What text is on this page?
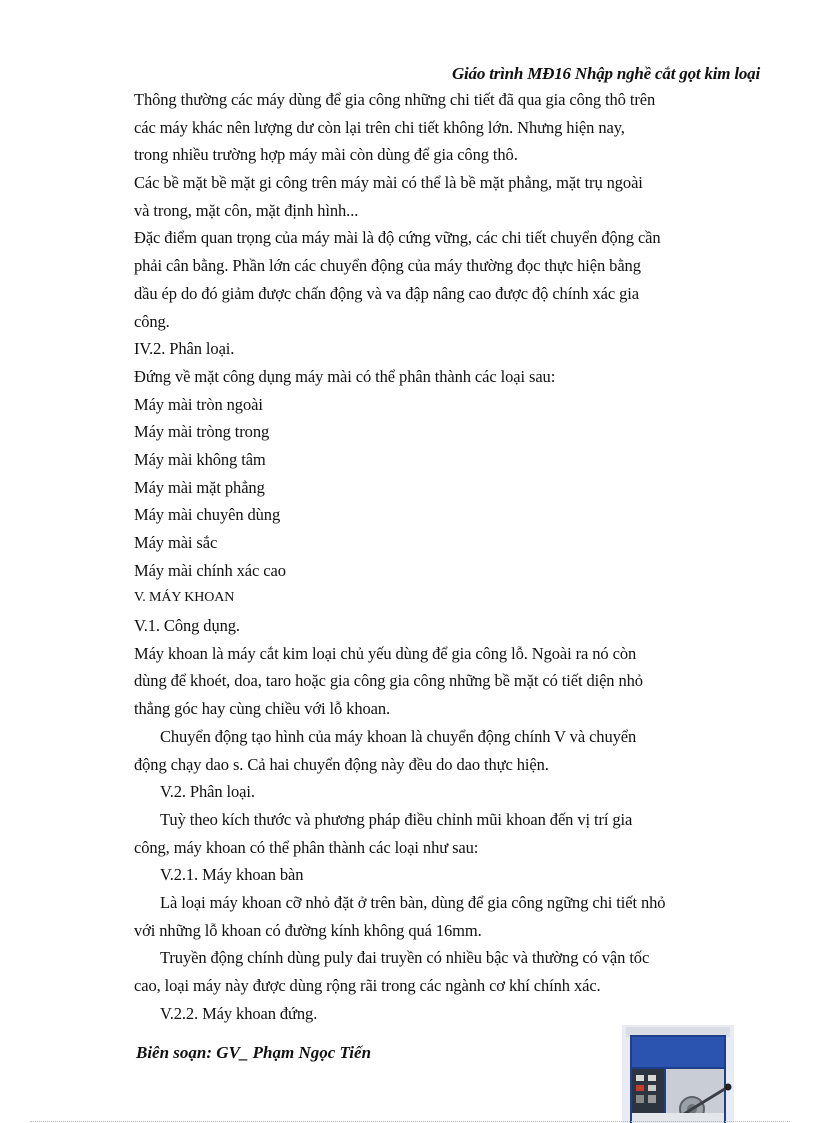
Giáo trình MĐ16 Nhập nghề cắt gọt kim loại
Thông thường các máy dùng để gia công những chi tiết đã qua gia công thô trên
các máy khác nên lượng dư còn lại trên chi tiết không lớn. Nhưng hiện nay,
trong nhiều trường hợp máy mài còn dùng để gia công thô.
Các bề mặt bề mặt gi công trên máy mài có thể là bề mặt phẳng, mặt trụ ngoài
và trong, mặt côn, mặt định hình...
Đặc điểm quan trọng của máy mài là độ cứng vững, các chi tiết chuyển động cần
phải cân bằng. Phần lớn các chuyển động của máy thường đọc thực hiện bằng
dầu ép do đó giảm được chấn động và va đập nâng cao được độ chính xác gia
công.
IV.2. Phân loại.
Đứng về mặt công dụng máy mài có thể phân thành các loại sau:
Máy mài tròn ngoài
Máy mài tròng trong
Máy mài không tâm
Máy mài mặt phẳng
Máy mài chuyên dùng
Máy mài sắc
Máy mài chính xác cao
V. MÁY KHOAN
V.1. Công dụng.
Máy khoan là máy cắt kim loại chủ yếu dùng để gia công lỗ. Ngoài ra nó còn
dùng để khoét, doa, taro hoặc gia công gia công những bề mặt có tiết diện nhỏ
thẳng góc hay cùng chiều với lỗ khoan.
Chuyển động tạo hình của máy khoan là chuyển động chính V và chuyển
động chạy dao s. Cả hai chuyển động này đều do dao thực hiện.
V.2. Phân loại.
Tuỳ theo kích thước và phương pháp điều chỉnh mũi khoan đến vị trí gia
công, máy khoan có thể phân thành các loại như sau:
V.2.1. Máy khoan bàn
Là loại máy khoan cỡ nhỏ đặt ở trên bàn, dùng để gia công ngững chi tiết nhỏ
với những lỗ khoan có đường kính không quá 16mm.
Truyền động chính dùng puly đai truyền có nhiều bậc và thường có vận tốc
cao, loại máy này được dùng rộng rãi trong các ngành cơ khí chính xác.
V.2.2. Máy khoan đứng.
Biên soạn: GV_ Phạm Ngọc Tiến
